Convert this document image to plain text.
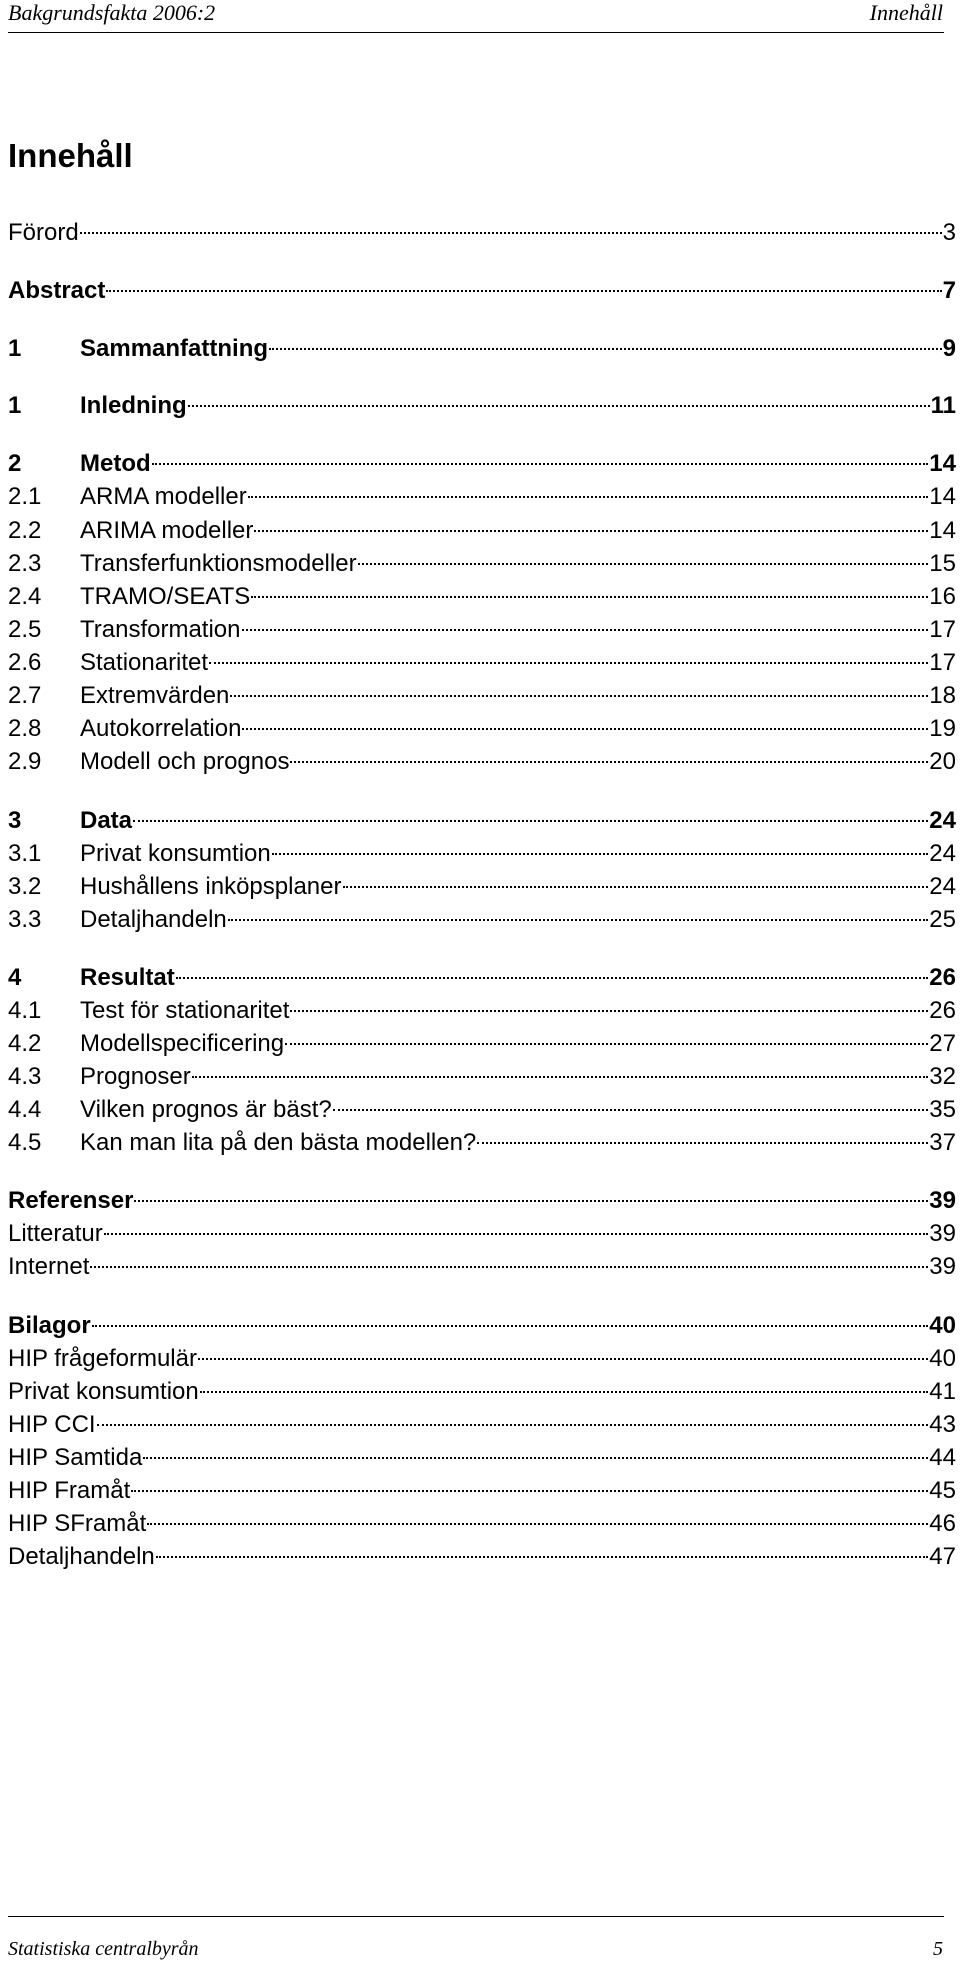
Bakgrundsfakta 2006:2	Innehåll
Innehåll
Förord	3
Abstract	7
1	Sammanfattning	9
1	Inledning	11
2	Metod	14
2.1	ARMA modeller	14
2.2	ARIMA modeller	14
2.3	Transferfunktionsmodeller	15
2.4	TRAMO/SEATS	16
2.5	Transformation	17
2.6	Stationaritet	17
2.7	Extremvärden	18
2.8	Autokorrelation	19
2.9	Modell och prognos	20
3	Data	24
3.1	Privat konsumtion	24
3.2	Hushållens inköpsplaner	24
3.3	Detaljhandeln	25
4	Resultat	26
4.1	Test för stationaritet	26
4.2	Modellspecificering	27
4.3	Prognoser	32
4.4	Vilken prognos är bäst?	35
4.5	Kan man lita på den bästa modellen?	37
Referenser	39
Litteratur	39
Internet	39
Bilagor	40
HIP frågeformulär	40
Privat konsumtion	41
HIP CCI	43
HIP Samtida	44
HIP Framåt	45
HIP SFramåt	46
Detaljhandeln	47
Statistiska centralbyrån	5
